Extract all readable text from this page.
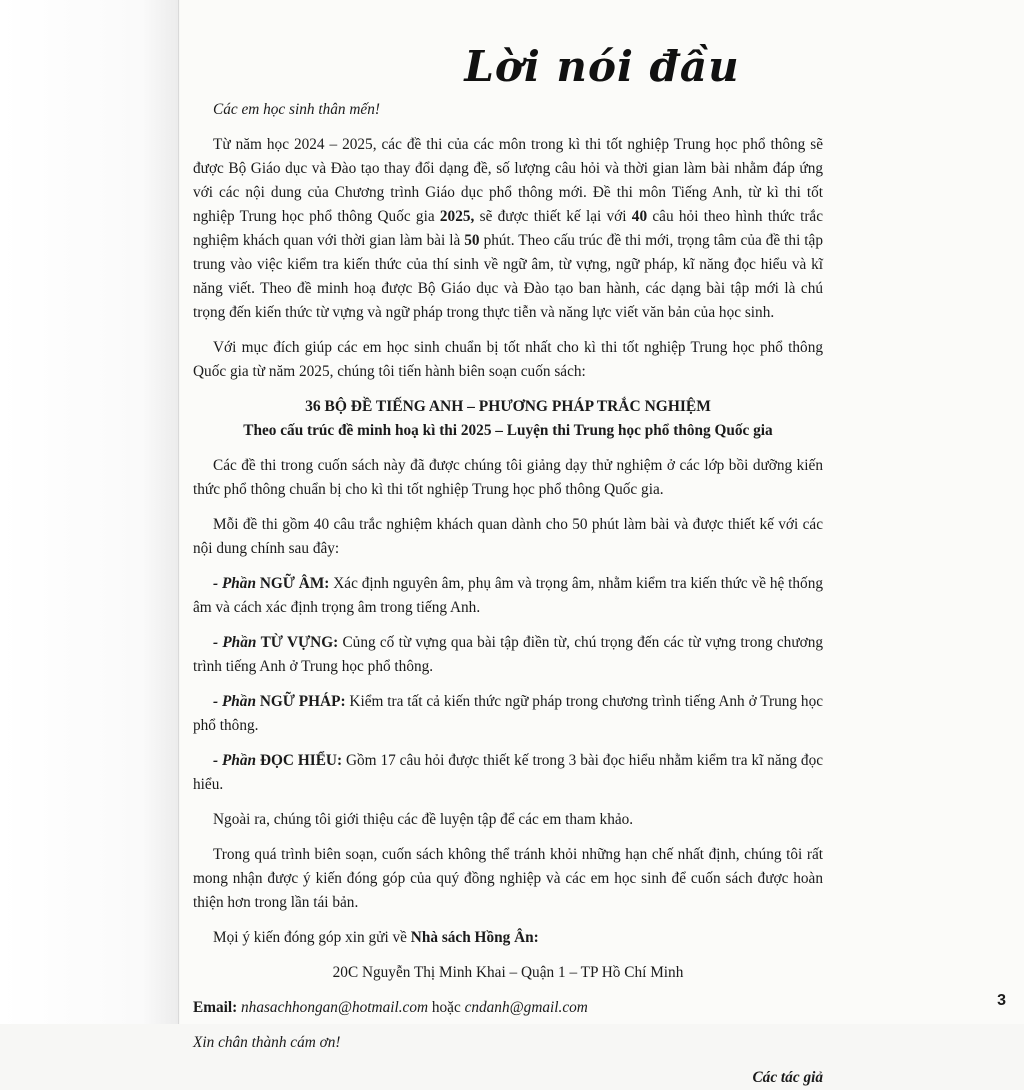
Lời nói đầu

Các em học sinh thân mến!

Từ năm học 2024 – 2025, các đề thi của các môn trong kì thi tốt nghiệp Trung học phổ thông sẽ được Bộ Giáo dục và Đào tạo thay đổi dạng đề, số lượng câu hỏi và thời gian làm bài nhằm đáp ứng với các nội dung của Chương trình Giáo dục phổ thông mới. Đề thi môn Tiếng Anh, từ kì thi tốt nghiệp Trung học phổ thông Quốc gia 2025, sẽ được thiết kế lại với 40 câu hỏi theo hình thức trắc nghiệm khách quan với thời gian làm bài là 50 phút. Theo cấu trúc đề thi mới, trọng tâm của đề thi tập trung vào việc kiểm tra kiến thức của thí sinh về ngữ âm, từ vựng, ngữ pháp, kĩ năng đọc hiểu và kĩ năng viết. Theo đề minh hoạ được Bộ Giáo dục và Đào tạo ban hành, các dạng bài tập mới là chú trọng đến kiến thức từ vựng và ngữ pháp trong thực tiễn và năng lực viết văn bản của học sinh.

Với mục đích giúp các em học sinh chuẩn bị tốt nhất cho kì thi tốt nghiệp Trung học phổ thông Quốc gia từ năm 2025, chúng tôi tiến hành biên soạn cuốn sách:

36 BỘ ĐỀ TIẾNG ANH – PHƯƠNG PHÁP TRẮC NGHIỆM

Theo cấu trúc đề minh hoạ kì thi 2025 – Luyện thi Trung học phổ thông Quốc gia

Các đề thi trong cuốn sách này đã được chúng tôi giảng dạy thử nghiệm ở các lớp bồi dưỡng kiến thức phổ thông chuẩn bị cho kì thi tốt nghiệp Trung học phổ thông Quốc gia.

Mỗi đề thi gồm 40 câu trắc nghiệm khách quan dành cho 50 phút làm bài và được thiết kế với các nội dung chính sau đây:

- Phần NGỮ ÂM: Xác định nguyên âm, phụ âm và trọng âm, nhằm kiểm tra kiến thức về hệ thống âm và cách xác định trọng âm trong tiếng Anh.

- Phần TỪ VỰNG: Củng cố từ vựng qua bài tập điền từ, chú trọng đến các từ vựng trong chương trình tiếng Anh ở Trung học phổ thông.

- Phần NGỮ PHÁP: Kiểm tra tất cả kiến thức ngữ pháp trong chương trình tiếng Anh ở Trung học phổ thông.

- Phần ĐỌC HIỂU: Gồm 17 câu hỏi được thiết kế trong 3 bài đọc hiểu nhằm kiểm tra kĩ năng đọc hiểu.

Ngoài ra, chúng tôi giới thiệu các đề luyện tập để các em tham khảo.

Trong quá trình biên soạn, cuốn sách không thể tránh khỏi những hạn chế nhất định, chúng tôi rất mong nhận được ý kiến đóng góp của quý đồng nghiệp và các em học sinh để cuốn sách được hoàn thiện hơn trong lần tái bản.

Mọi ý kiến đóng góp xin gửi về Nhà sách Hồng Ân:

20C Nguyễn Thị Minh Khai – Quận 1 – TP Hồ Chí Minh

Email: nhasachhongan@hotmail.com hoặc cndanh@gmail.com

Xin chân thành cám ơn!

Các tác giả

3
